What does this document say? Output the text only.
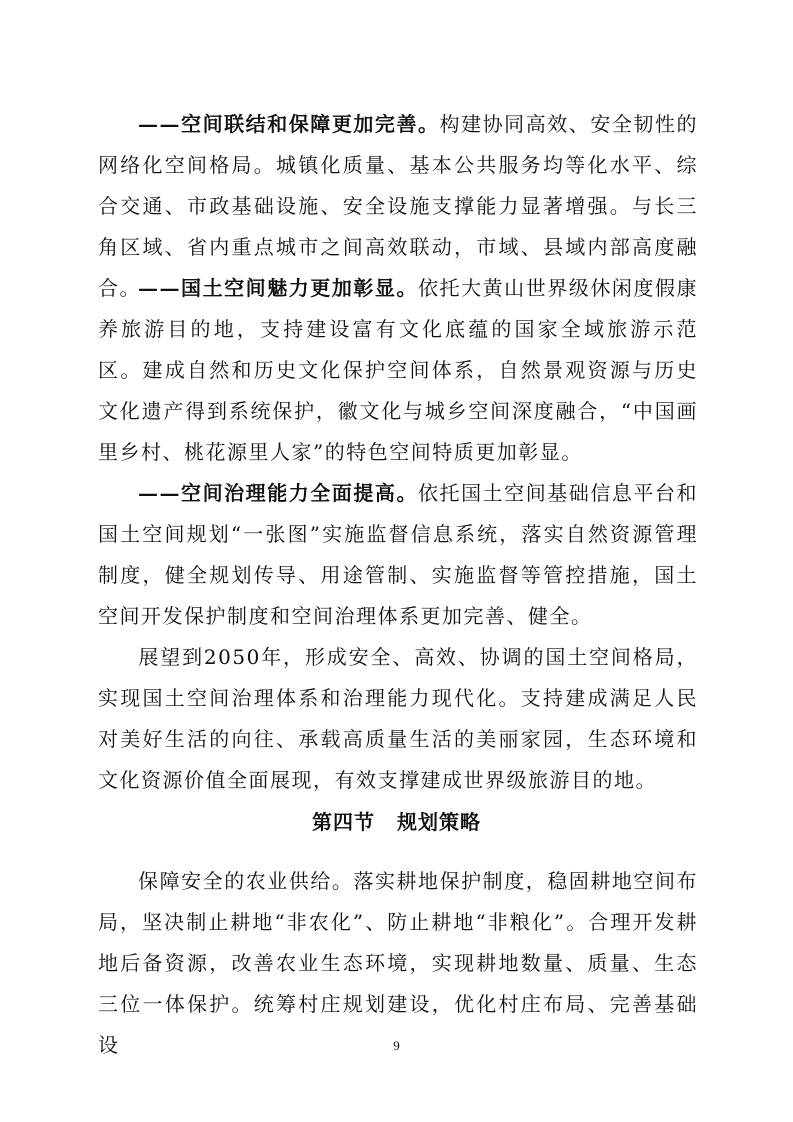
——空间联结和保障更加完善。构建协同高效、安全韧性的网络化空间格局。城镇化质量、基本公共服务均等化水平、综合交通、市政基础设施、安全设施支撑能力显著增强。与长三角区域、省内重点城市之间高效联动，市域、县域内部高度融合。

——国土空间魅力更加彰显。依托大黄山世界级休闲度假康养旅游目的地，支持建设富有文化底蕴的国家全域旅游示范区。建成自然和历史文化保护空间体系，自然景观资源与历史文化遗产得到系统保护，徽文化与城乡空间深度融合，“中国画里乡村、桃花源里人家”的特色空间特质更加彰显。

——空间治理能力全面提高。依托国土空间基础信息平台和国土空间规划“一张图”实施监督信息系统，落实自然资源管理制度，健全规划传导、用途管制、实施监督等管控措施，国土空间开发保护制度和空间治理体系更加完善、健全。

展望到2050年，形成安全、高效、协调的国土空间格局，实现国土空间治理体系和治理能力现代化。支持建成满足人民对美好生活的向往、承载高质量生活的美丽家园，生态环境和文化资源价值全面展现，有效支撑建成世界级旅游目的地。

第四节 规划策略

保障安全的农业供给。落实耕地保护制度，稳固耕地空间布局，坚决制止耕地“非农化”、防止耕地“非粮化”。合理开发耕地后备资源，改善农业生态环境，实现耕地数量、质量、生态三位一体保护。统筹村庄规划建设，优化村庄布局、完善基础设	9
